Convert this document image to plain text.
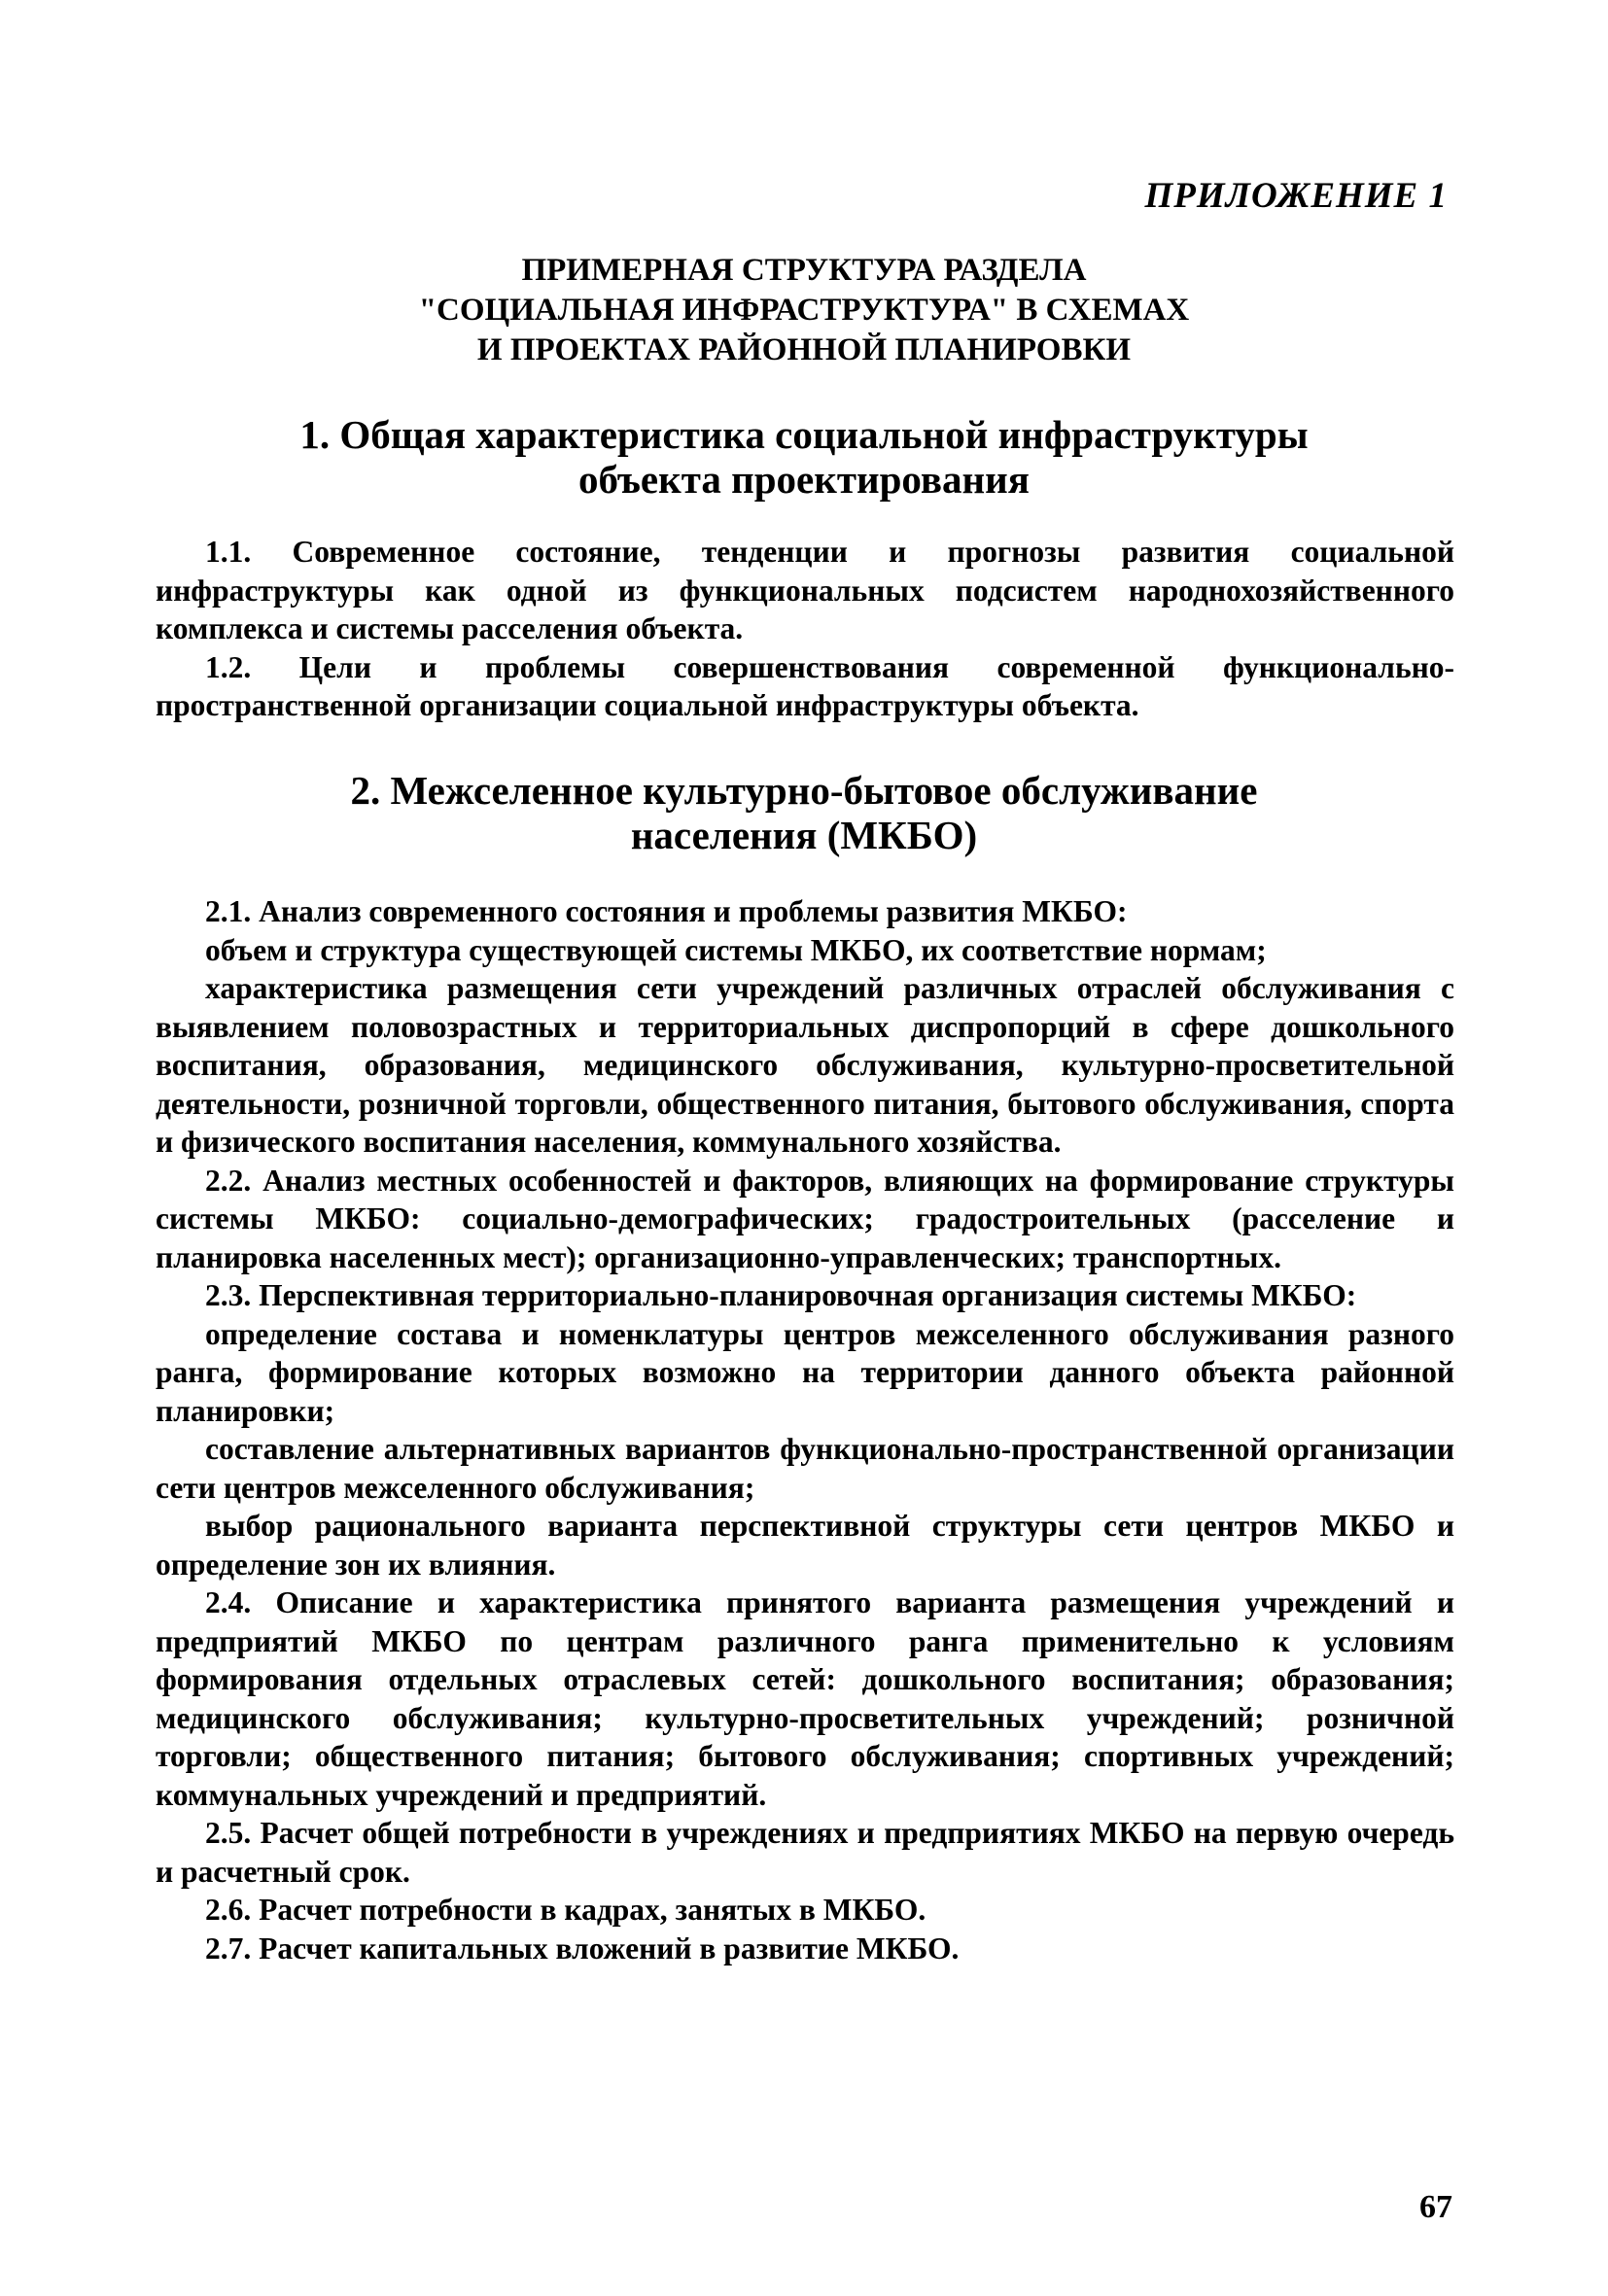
ПРИЛОЖЕНИЕ 1
ПРИМЕРНАЯ СТРУКТУРА РАЗДЕЛА
"СОЦИАЛЬНАЯ ИНФРАСТРУКТУРА" В СХЕМАХ
И ПРОЕКТАХ РАЙОННОЙ ПЛАНИРОВКИ
1. Общая характеристика социальной инфраструктуры
объекта проектирования

1.1. Современное состояние, тенденции и прогнозы развития социальной инфраструктуры как одной из функциональных подсистем народнохозяйственного комплекса и системы расселения объекта.

1.2. Цели и проблемы совершенствования современной функционально-пространственной организации социальной инфраструктуры объекта.

2. Межселенное культурно-бытовое обслуживание
населения (МКБО)

2.1. Анализ современного состояния и проблемы развития МКБО:

объем и структура существующей системы МКБО, их соответствие нормам;

характеристика размещения сети учреждений различных отраслей обслуживания с выявлением половозрастных и территориальных диспропорций в сфере дошкольного воспитания, образования, медицинского обслуживания, культурно-просветительной деятельности, розничной торговли, общественного питания, бытового обслуживания, спорта и физического воспитания населения, коммунального хозяйства.

2.2. Анализ местных особенностей и факторов, влияющих на формирование структуры системы МКБО: социально-демографических; градостроительных (расселение и планировка населенных мест); организационно-управленческих; транспортных.

2.3. Перспективная территориально-планировочная организация системы МКБО:

определение состава и номенклатуры центров межселенного обслуживания разного ранга, формирование которых возможно на территории данного объекта районной планировки;

составление альтернативных вариантов функционально-пространственной организации сети центров межселенного обслуживания;

выбор рационального варианта перспективной структуры сети центров МКБО и определение зон их влияния.

2.4. Описание и характеристика принятого варианта размещения учреждений и предприятий МКБО по центрам различного ранга применительно к условиям формирования отдельных отраслевых сетей: дошкольного воспитания; образования; медицинского обслуживания; культурно-просветительных учреждений; розничной торговли; общественного питания; бытового обслуживания; спортивных учреждений; коммунальных учреждений и предприятий.

2.5. Расчет общей потребности в учреждениях и предприятиях МКБО на первую очередь и расчетный срок.

2.6. Расчет потребности в кадрах, занятых в МКБО.

2.7. Расчет капитальных вложений в развитие МКБО.

67
